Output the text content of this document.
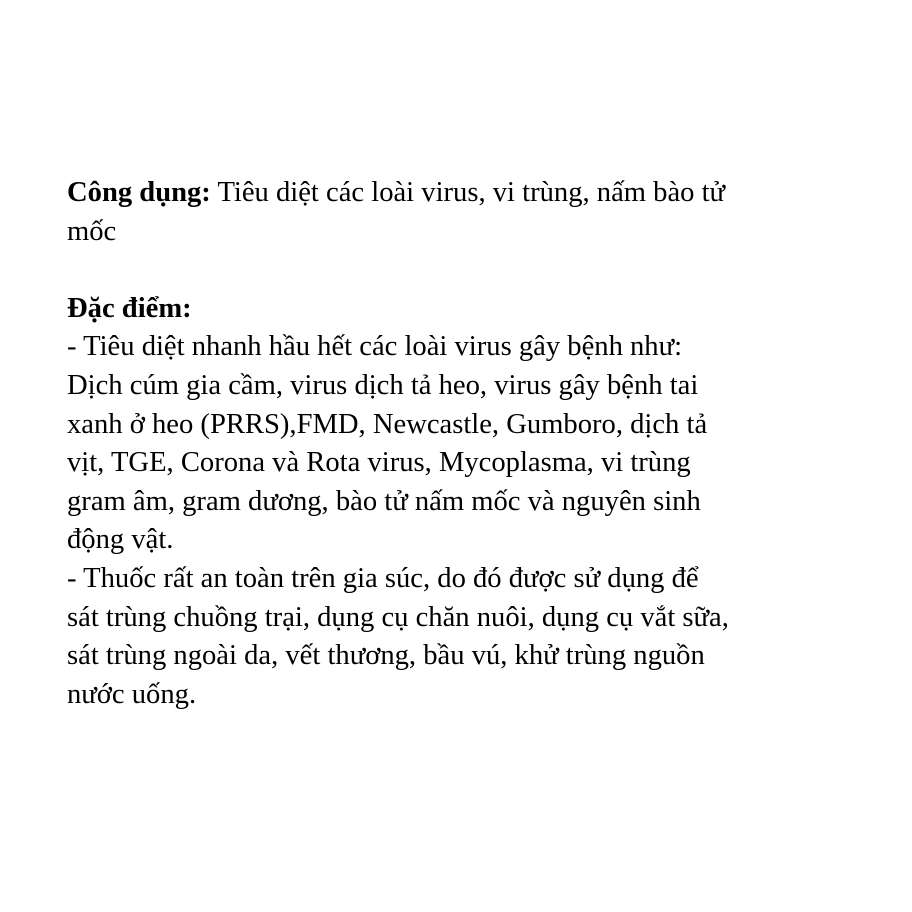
Công dụng: Tiêu diệt các loài virus, vi trùng, nấm bào tử
mốc
Đặc điểm:
- Tiêu diệt nhanh hầu hết các loài virus gây bệnh như:
Dịch cúm gia cầm, virus dịch tả heo, virus gây bệnh tai
xanh ở heo (PRRS),FMD, Newcastle, Gumboro, dịch tả
vịt, TGE, Corona và Rota virus, Mycoplasma, vi trùng
gram âm, gram dương, bào tử nấm mốc và nguyên sinh
động vật.
- Thuốc rất an toàn trên gia súc, do đó được sử dụng để
sát trùng chuồng trại, dụng cụ chăn nuôi, dụng cụ vắt sữa,
sát trùng ngoài da, vết thương, bầu vú, khử trùng nguồn
nước uống.
